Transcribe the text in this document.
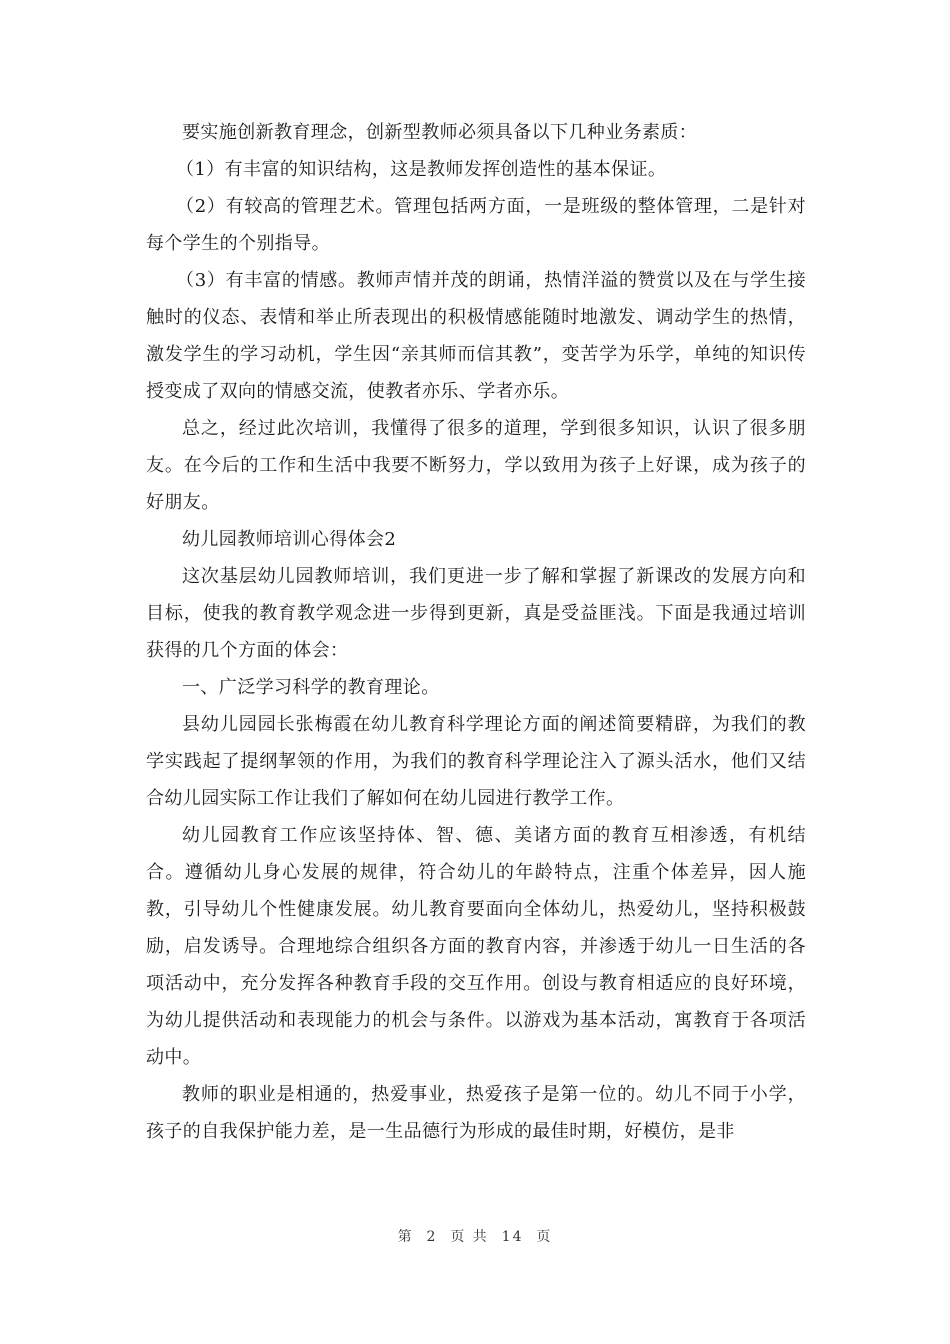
要实施创新教育理念，创新型教师必须具备以下几种业务素质：

（1）有丰富的知识结构，这是教师发挥创造性的基本保证。

（2）有较高的管理艺术。管理包括两方面，一是班级的整体管理，二是针对每个学生的个别指导。

（3）有丰富的情感。教师声情并茂的朗诵，热情洋溢的赞赏以及在与学生接触时的仪态、表情和举止所表现出的积极情感能随时地激发、调动学生的热情，激发学生的学习动机，学生因“亲其师而信其教”，变苦学为乐学，单纯的知识传授变成了双向的情感交流，使教者亦乐、学者亦乐。

总之，经过此次培训，我懂得了很多的道理，学到很多知识，认识了很多朋友。在今后的工作和生活中我要不断努力，学以致用为孩子上好课，成为孩子的好朋友。

幼儿园教师培训心得体会2

这次基层幼儿园教师培训，我们更进一步了解和掌握了新课改的发展方向和目标，使我的教育教学观念进一步得到更新，真是受益匪浅。下面是我通过培训获得的几个方面的体会：

一、广泛学习科学的教育理论。

县幼儿园园长张梅霞在幼儿教育科学理论方面的阐述简要精辟，为我们的教学实践起了提纲挈领的作用，为我们的教育科学理论注入了源头活水，他们又结合幼儿园实际工作让我们了解如何在幼儿园进行教学工作。

幼儿园教育工作应该坚持体、智、德、美诸方面的教育互相渗透，有机结合。遵循幼儿身心发展的规律，符合幼儿的年龄特点，注重个体差异，因人施教，引导幼儿个性健康发展。幼儿教育要面向全体幼儿，热爱幼儿，坚持积极鼓励，启发诱导。合理地综合组织各方面的教育内容，并渗透于幼儿一日生活的各项活动中，充分发挥各种教育手段的交互作用。创设与教育相适应的良好环境，为幼儿提供活动和表现能力的机会与条件。以游戏为基本活动，寓教育于各项活动中。

教师的职业是相通的，热爱事业，热爱孩子是第一位的。幼儿不同于小学，孩子的自我保护能力差，是一生品德行为形成的最佳时期，好模仿，是非

第  2  页 共  14  页
